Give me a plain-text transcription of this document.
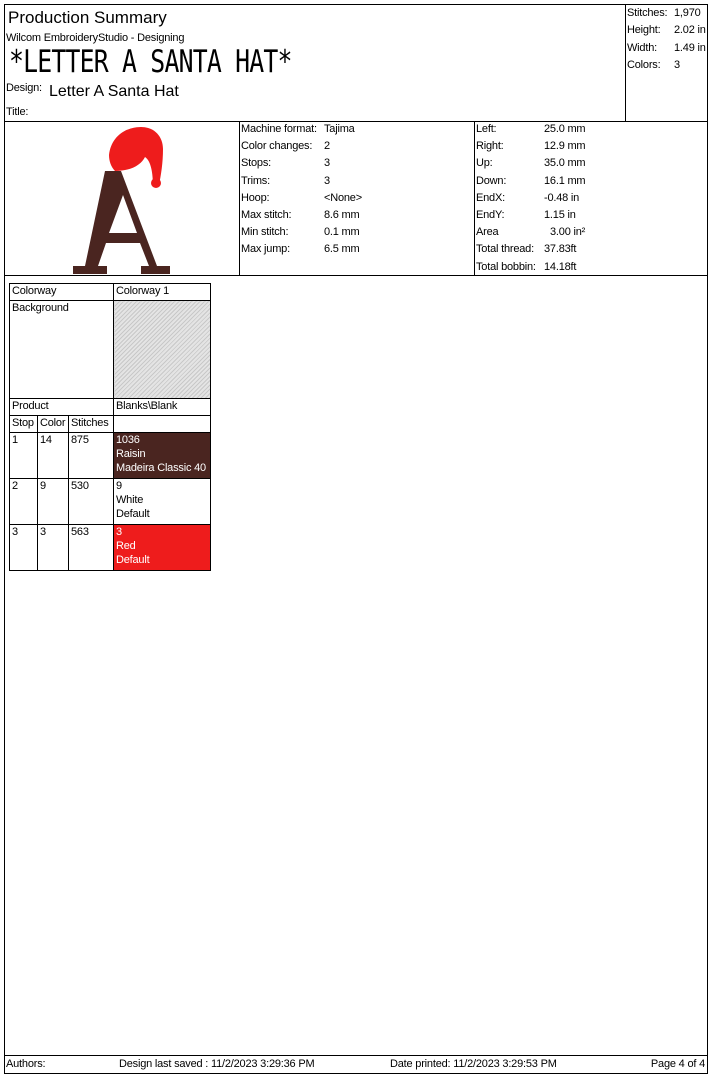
Production Summary
Wilcom EmbroideryStudio - Designing
*LETTER A SANTA HAT*
Design: Letter A Santa Hat
Title:
Stitches: 1,970
Height: 2.02 in
Width: 1.49 in
Colors: 3
Machine format: Tajima
Color changes: 2
Stops:	3
Trims:	3
Hoop:	<None>
Max stitch:	8.6 mm
Min stitch:	0.1 mm
Max jump:	6.5 mm
Left:	25.0 mm
Right:	12.9 mm
Up:	35.0 mm
Down:	16.1 mm
EndX:	-0.48 in
EndY:	1.15 in
Area	3.00 in²
Total thread: 37.83ft
Total bobbin: 14.18ft
Authors:	Design last saved : 11/2/2023 3:29:36 PM	Date printed: 11/2/2023 3:29:53 PM	Page 4 of 4
Colorway			Colorway 1
Background			
Product			Blanks\Blank
Stop	Color	Stitches	
1	14	875	1036
Raisin
Madeira Classic 40

2	9	530	9
White
Default

3	3	563	3
Red
Default
